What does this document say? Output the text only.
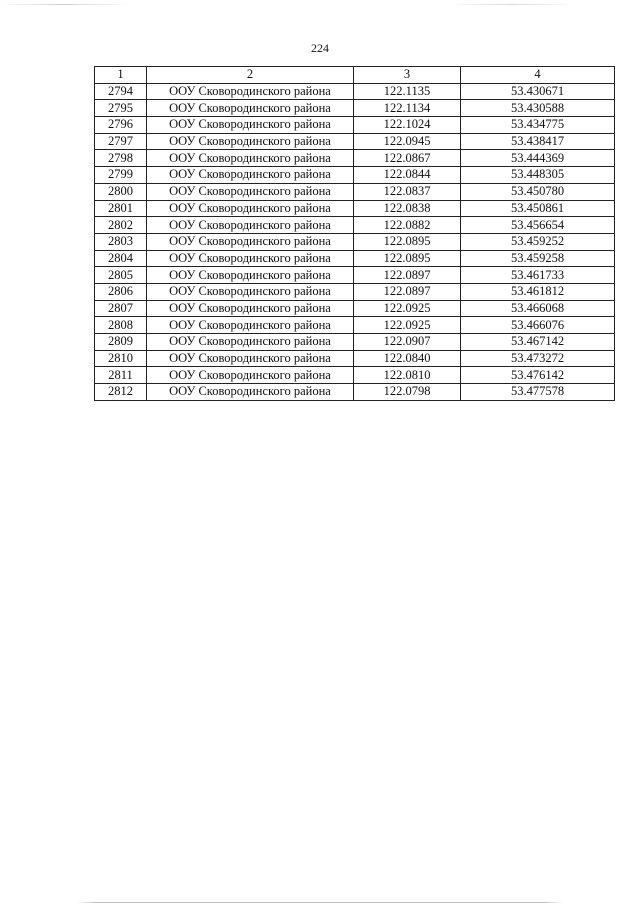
224
1	2	3	4
2794	ООУ Сковородинского района	122.1135	53.430671
2795	ООУ Сковородинского района	122.1134	53.430588
2796	ООУ Сковородинского района	122.1024	53.434775
2797	ООУ Сковородинского района	122.0945	53.438417
2798	ООУ Сковородинского района	122.0867	53.444369
2799	ООУ Сковородинского района	122.0844	53.448305
2800	ООУ Сковородинского района	122.0837	53.450780
2801	ООУ Сковородинского района	122.0838	53.450861
2802	ООУ Сковородинского района	122.0882	53.456654
2803	ООУ Сковородинского района	122.0895	53.459252
2804	ООУ Сковородинского района	122.0895	53.459258
2805	ООУ Сковородинского района	122.0897	53.461733
2806	ООУ Сковородинского района	122.0897	53.461812
2807	ООУ Сковородинского района	122.0925	53.466068
2808	ООУ Сковородинского района	122.0925	53.466076
2809	ООУ Сковородинского района	122.0907	53.467142
2810	ООУ Сковородинского района	122.0840	53.473272
2811	ООУ Сковородинского района	122.0810	53.476142
2812	ООУ Сковородинского района	122.0798	53.477578
